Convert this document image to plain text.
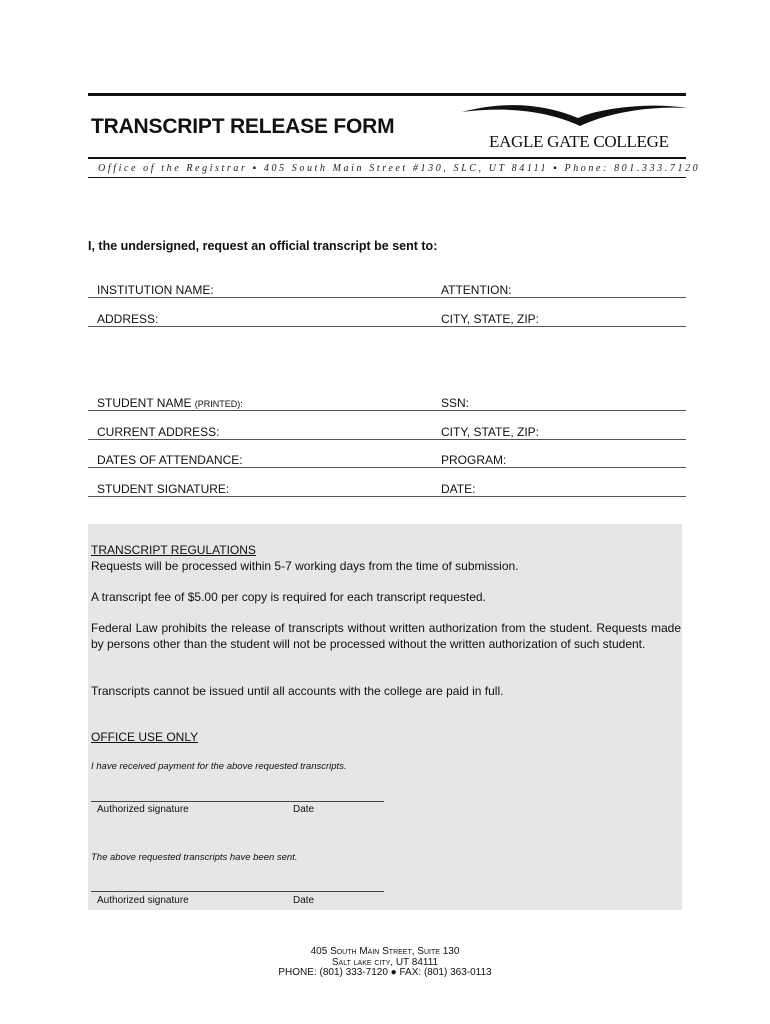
TRANSCRIPT RELEASE FORM
EAGLE GATE COLLEGE
Office of the Registrar ▪ 405 South Main Street #130, SLC, UT 84111 ▪ Phone: 801.333.7120
I, the undersigned, request an official transcript be sent to:
INSTITUTION NAME:	ATTENTION:
ADDRESS:	CITY, STATE, ZIP:
STUDENT NAME (PRINTED):	SSN:
CURRENT ADDRESS:	CITY, STATE, ZIP:
DATES OF ATTENDANCE:	PROGRAM:
STUDENT SIGNATURE:	DATE:
TRANSCRIPT REGULATIONS
Requests will be processed within 5-7 working days from the time of submission.
A transcript fee of $5.00 per copy is required for each transcript requested.
Federal Law prohibits the release of transcripts without written authorization from the student. Requests made by persons other than the student will not be processed without the written authorization of such student.
Transcripts cannot be issued until all accounts with the college are paid in full.
OFFICE USE ONLY
I have received payment for the above requested transcripts.
Authorized signature	Date
The above requested transcripts have been sent.
Authorized signature	Date
405 South Main Street, Suite 130
Salt lake city, UT 84111
PHONE: (801) 333-7120 ● FAX: (801) 363-0113
